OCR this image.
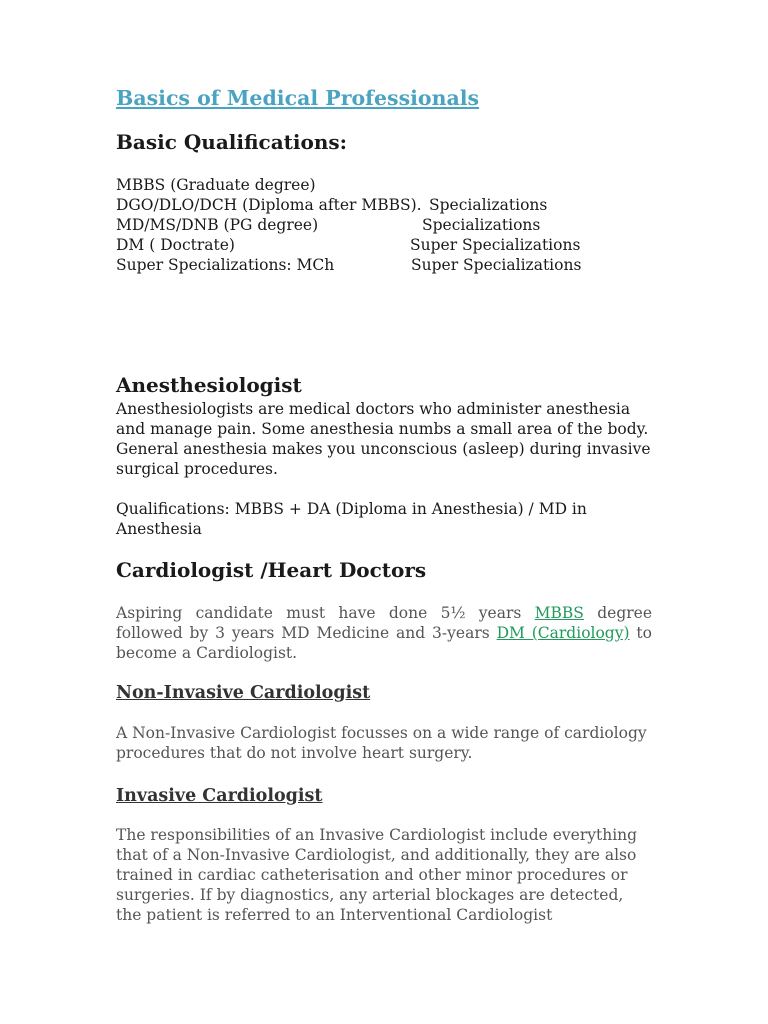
Basics of Medical Professionals
Basic Qualifications:
MBBS (Graduate degree)
DGO/DLO/DCH (Diploma after MBBS). Specializations
MD/MS/DNB (PG degree)	Specializations
DM ( Doctrate)	Super Specializations
Super Specializations: MCh	Super Specializations
Anesthesiologist
Anesthesiologists are medical doctors who administer anesthesia and manage pain. Some anesthesia numbs a small area of the body. General anesthesia makes you unconscious (asleep) during invasive surgical procedures.
Qualifications: MBBS + DA (Diploma in Anesthesia) / MD in Anesthesia
Cardiologist /Heart Doctors
Aspiring candidate must have done 5½ years MBBS degree followed by 3 years MD Medicine and 3-years DM (Cardiology) to become a Cardiologist.
Non-Invasive Cardiologist
A Non-Invasive Cardiologist focusses on a wide range of cardiology procedures that do not involve heart surgery.
Invasive Cardiologist
The responsibilities of an Invasive Cardiologist include everything that of a Non-Invasive Cardiologist, and additionally, they are also trained in cardiac catheterisation and other minor procedures or surgeries. If by diagnostics, any arterial blockages are detected, the patient is referred to an Interventional Cardiologist
